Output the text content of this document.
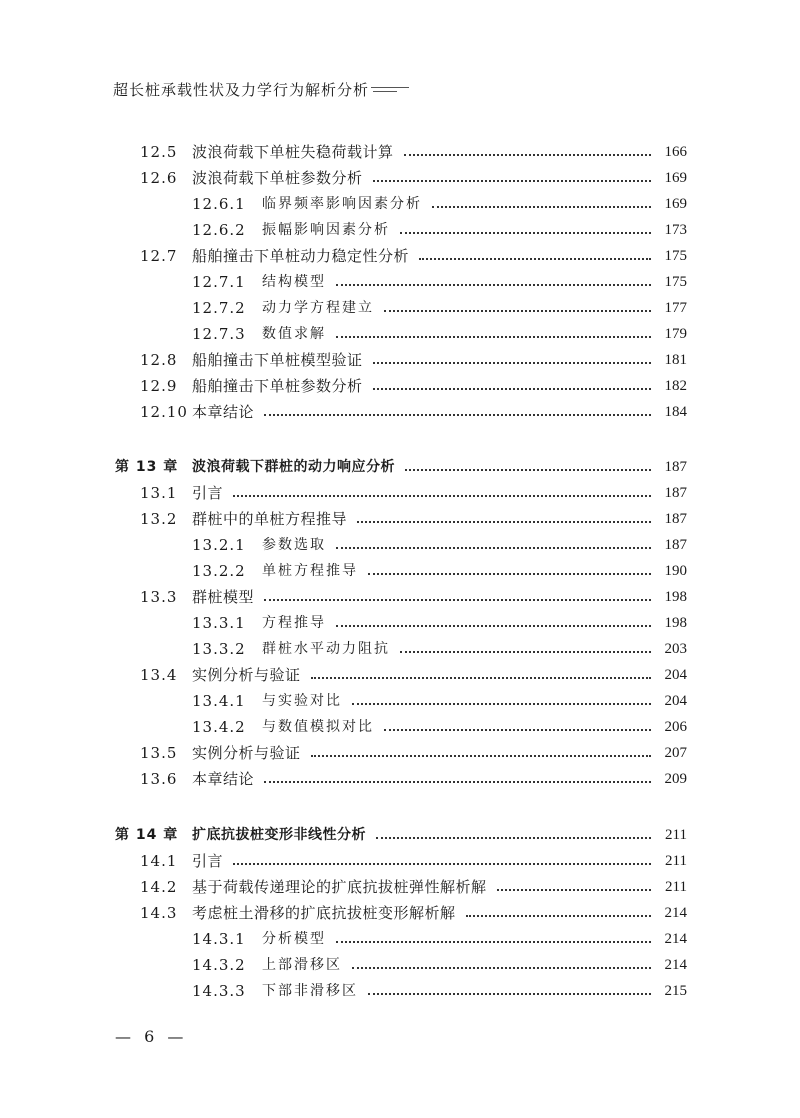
超长桩承载性状及力学行为解析分析
12.5 波浪荷载下单桩失稳荷载计算	166
12.6 波浪荷载下单桩参数分析	169
12.6.1 临界频率影响因素分析	169
12.6.2 振幅影响因素分析	173
12.7 船舶撞击下单桩动力稳定性分析	175
12.7.1 结构模型	175
12.7.2 动力学方程建立	177
12.7.3 数值求解	179
12.8 船舶撞击下单桩模型验证	181
12.9 船舶撞击下单桩参数分析	182
12.10 本章结论	184
第 13 章 波浪荷载下群桩的动力响应分析	187
13.1 引言	187
13.2 群桩中的单桩方程推导	187
13.2.1 参数选取	187
13.2.2 单桩方程推导	190
13.3 群桩模型	198
13.3.1 方程推导	198
13.3.2 群桩水平动力阻抗	203
13.4 实例分析与验证	204
13.4.1 与实验对比	204
13.4.2 与数值模拟对比	206
13.5 实例分析与验证	207
13.6 本章结论	209
第 14 章 扩底抗拔桩变形非线性分析	211
14.1 引言	211
14.2 基于荷载传递理论的扩底抗拔桩弹性解析解	211
14.3 考虑桩土滑移的扩底抗拔桩变形解析解	214
14.3.1 分析模型	214
14.3.2 上部滑移区	214
14.3.3 下部非滑移区	215
— 6 —
